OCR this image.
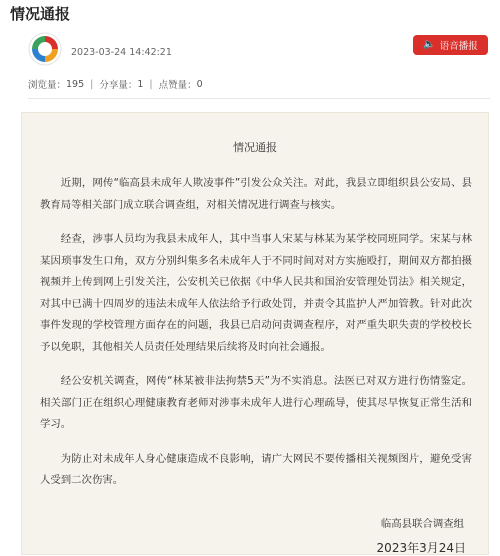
情况通报
2023-03-24 14:42:21
🔈 语音播报
浏览量： 195 | 分享量： 1 | 点赞量： 0
情况通报

近期，网传“临高县未成年人欺凌事件”引发公众关注。对此，我县立即组织县公安局、县教育局等相关部门成立联合调查组，对相关情况进行调查与核实。

经查，涉事人员均为我县未成年人，其中当事人宋某与林某为某学校同班同学。宋某与林某因琐事发生口角，双方分别纠集多名未成年人于不同时间对对方实施殴打，期间双方都拍摄视频并上传到网上引发关注，公安机关已依据《中华人民共和国治安管理处罚法》相关规定，对其中已满十四周岁的违法未成年人依法给予行政处罚，并责令其监护人严加管教。针对此次事件发现的学校管理方面存在的问题，我县已启动问责调查程序，对严重失职失责的学校校长予以免职，其他相关人员责任处理结果后续将及时向社会通报。

经公安机关调查，网传“林某被非法拘禁5天”为不实消息。法医已对双方进行伤情鉴定。相关部门正在组织心理健康教育老师对涉事未成年人进行心理疏导，使其尽早恢复正常生活和学习。

为防止对未成年人身心健康造成不良影响，请广大网民不要传播相关视频图片，避免受害人受到二次伤害。

临高县联合调查组
2023年3月24日
